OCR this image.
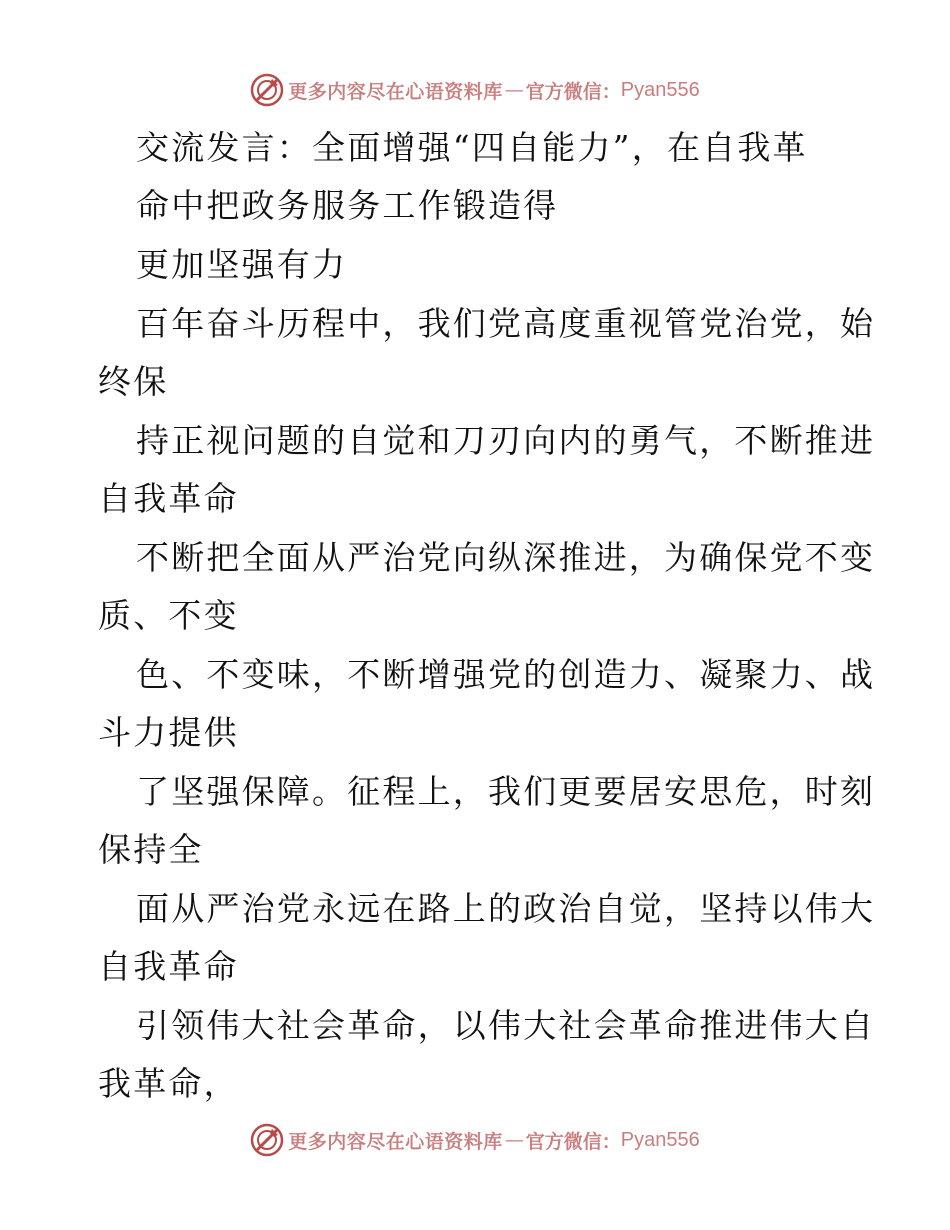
更多内容尽在心语资料库 — 官方微信： Pyan556
交流发言：全面增强“四自能力”，在自我革
命中把政务服务工作锻造得
更加坚强有力
百年奋斗历程中，我们党高度重视管党治党，始
终保
持正视问题的自觉和刀刃向内的勇气，不断推进
自我革命
不断把全面从严治党向纵深推进，为确保党不变
质、不变
色、不变味，不断增强党的创造力、凝聚力、战
斗力提供
了坚强保障。征程上，我们更要居安思危，时刻
保持全
面从严治党永远在路上的政治自觉，坚持以伟大
自我革命
引领伟大社会革命，以伟大社会革命推进伟大自
我革命，
更多内容尽在心语资料库 — 官方微信： Pyan556
